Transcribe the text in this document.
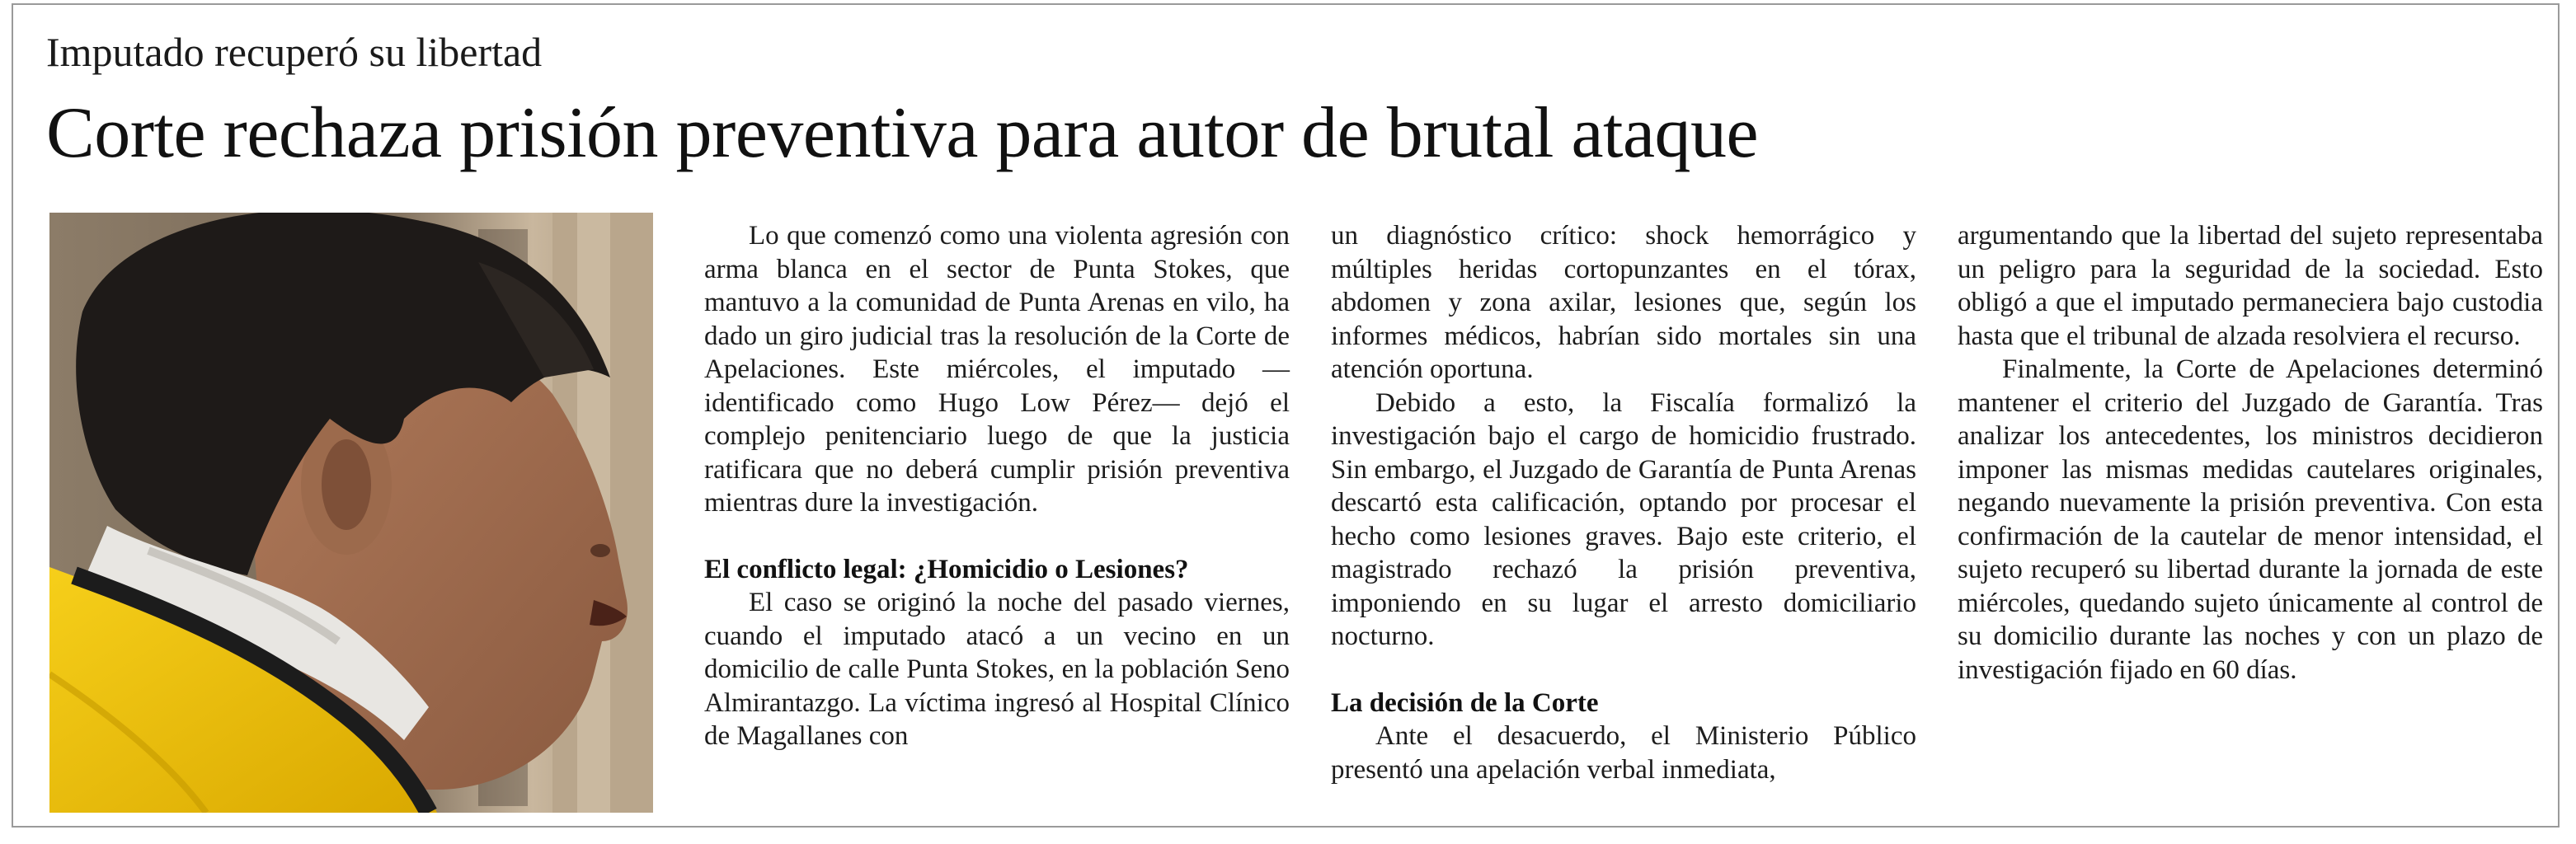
Imputado recuperó su libertad
Corte rechaza prisión preventiva para autor de brutal ataque

Lo que comenzó como una violenta agresión con arma blanca en el sector de Punta Stokes, que mantuvo a la comunidad de Punta Arenas en vilo, ha dado un giro judicial tras la resolución de la Corte de Apelaciones. Este miércoles, el imputado —identificado como Hugo Low Pérez— dejó el complejo penitenciario luego de que la justicia ratificara que no deberá cumplir prisión preventiva mientras dure la investigación.

El conflicto legal: ¿Homicidio o Lesiones?

El caso se originó la noche del pasado viernes, cuando el imputado atacó a un vecino en un domicilio de calle Punta Stokes, en la población Seno Almirantazgo. La víctima ingresó al Hospital Clínico de Magallanes con

un diagnóstico crítico: shock hemorrágico y múltiples heridas cortopunzantes en el tórax, abdomen y zona axilar, lesiones que, según los informes médicos, habrían sido mortales sin una atención oportuna.

Debido a esto, la Fiscalía formalizó la investigación bajo el cargo de homicidio frustrado. Sin embargo, el Juzgado de Garantía de Punta Arenas descartó esta calificación, optando por procesar el hecho como lesiones graves. Bajo este criterio, el magistrado rechazó la prisión preventiva, imponiendo en su lugar el arresto domiciliario nocturno.

La decisión de la Corte

Ante el desacuerdo, el Ministerio Público presentó una apelación verbal inmediata,

argumentando que la libertad del sujeto representaba un peligro para la seguridad de la sociedad. Esto obligó a que el imputado permaneciera bajo custodia hasta que el tribunal de alzada resolviera el recurso.

Finalmente, la Corte de Apelaciones determinó mantener el criterio del Juzgado de Garantía. Tras analizar los antecedentes, los ministros decidieron imponer las mismas medidas cautelares originales, negando nuevamente la prisión preventiva. Con esta confirmación de la cautelar de menor intensidad, el sujeto recuperó su libertad durante la jornada de este miércoles, quedando sujeto únicamente al control de su domicilio durante las noches y con un plazo de investigación fijado en 60 días.
